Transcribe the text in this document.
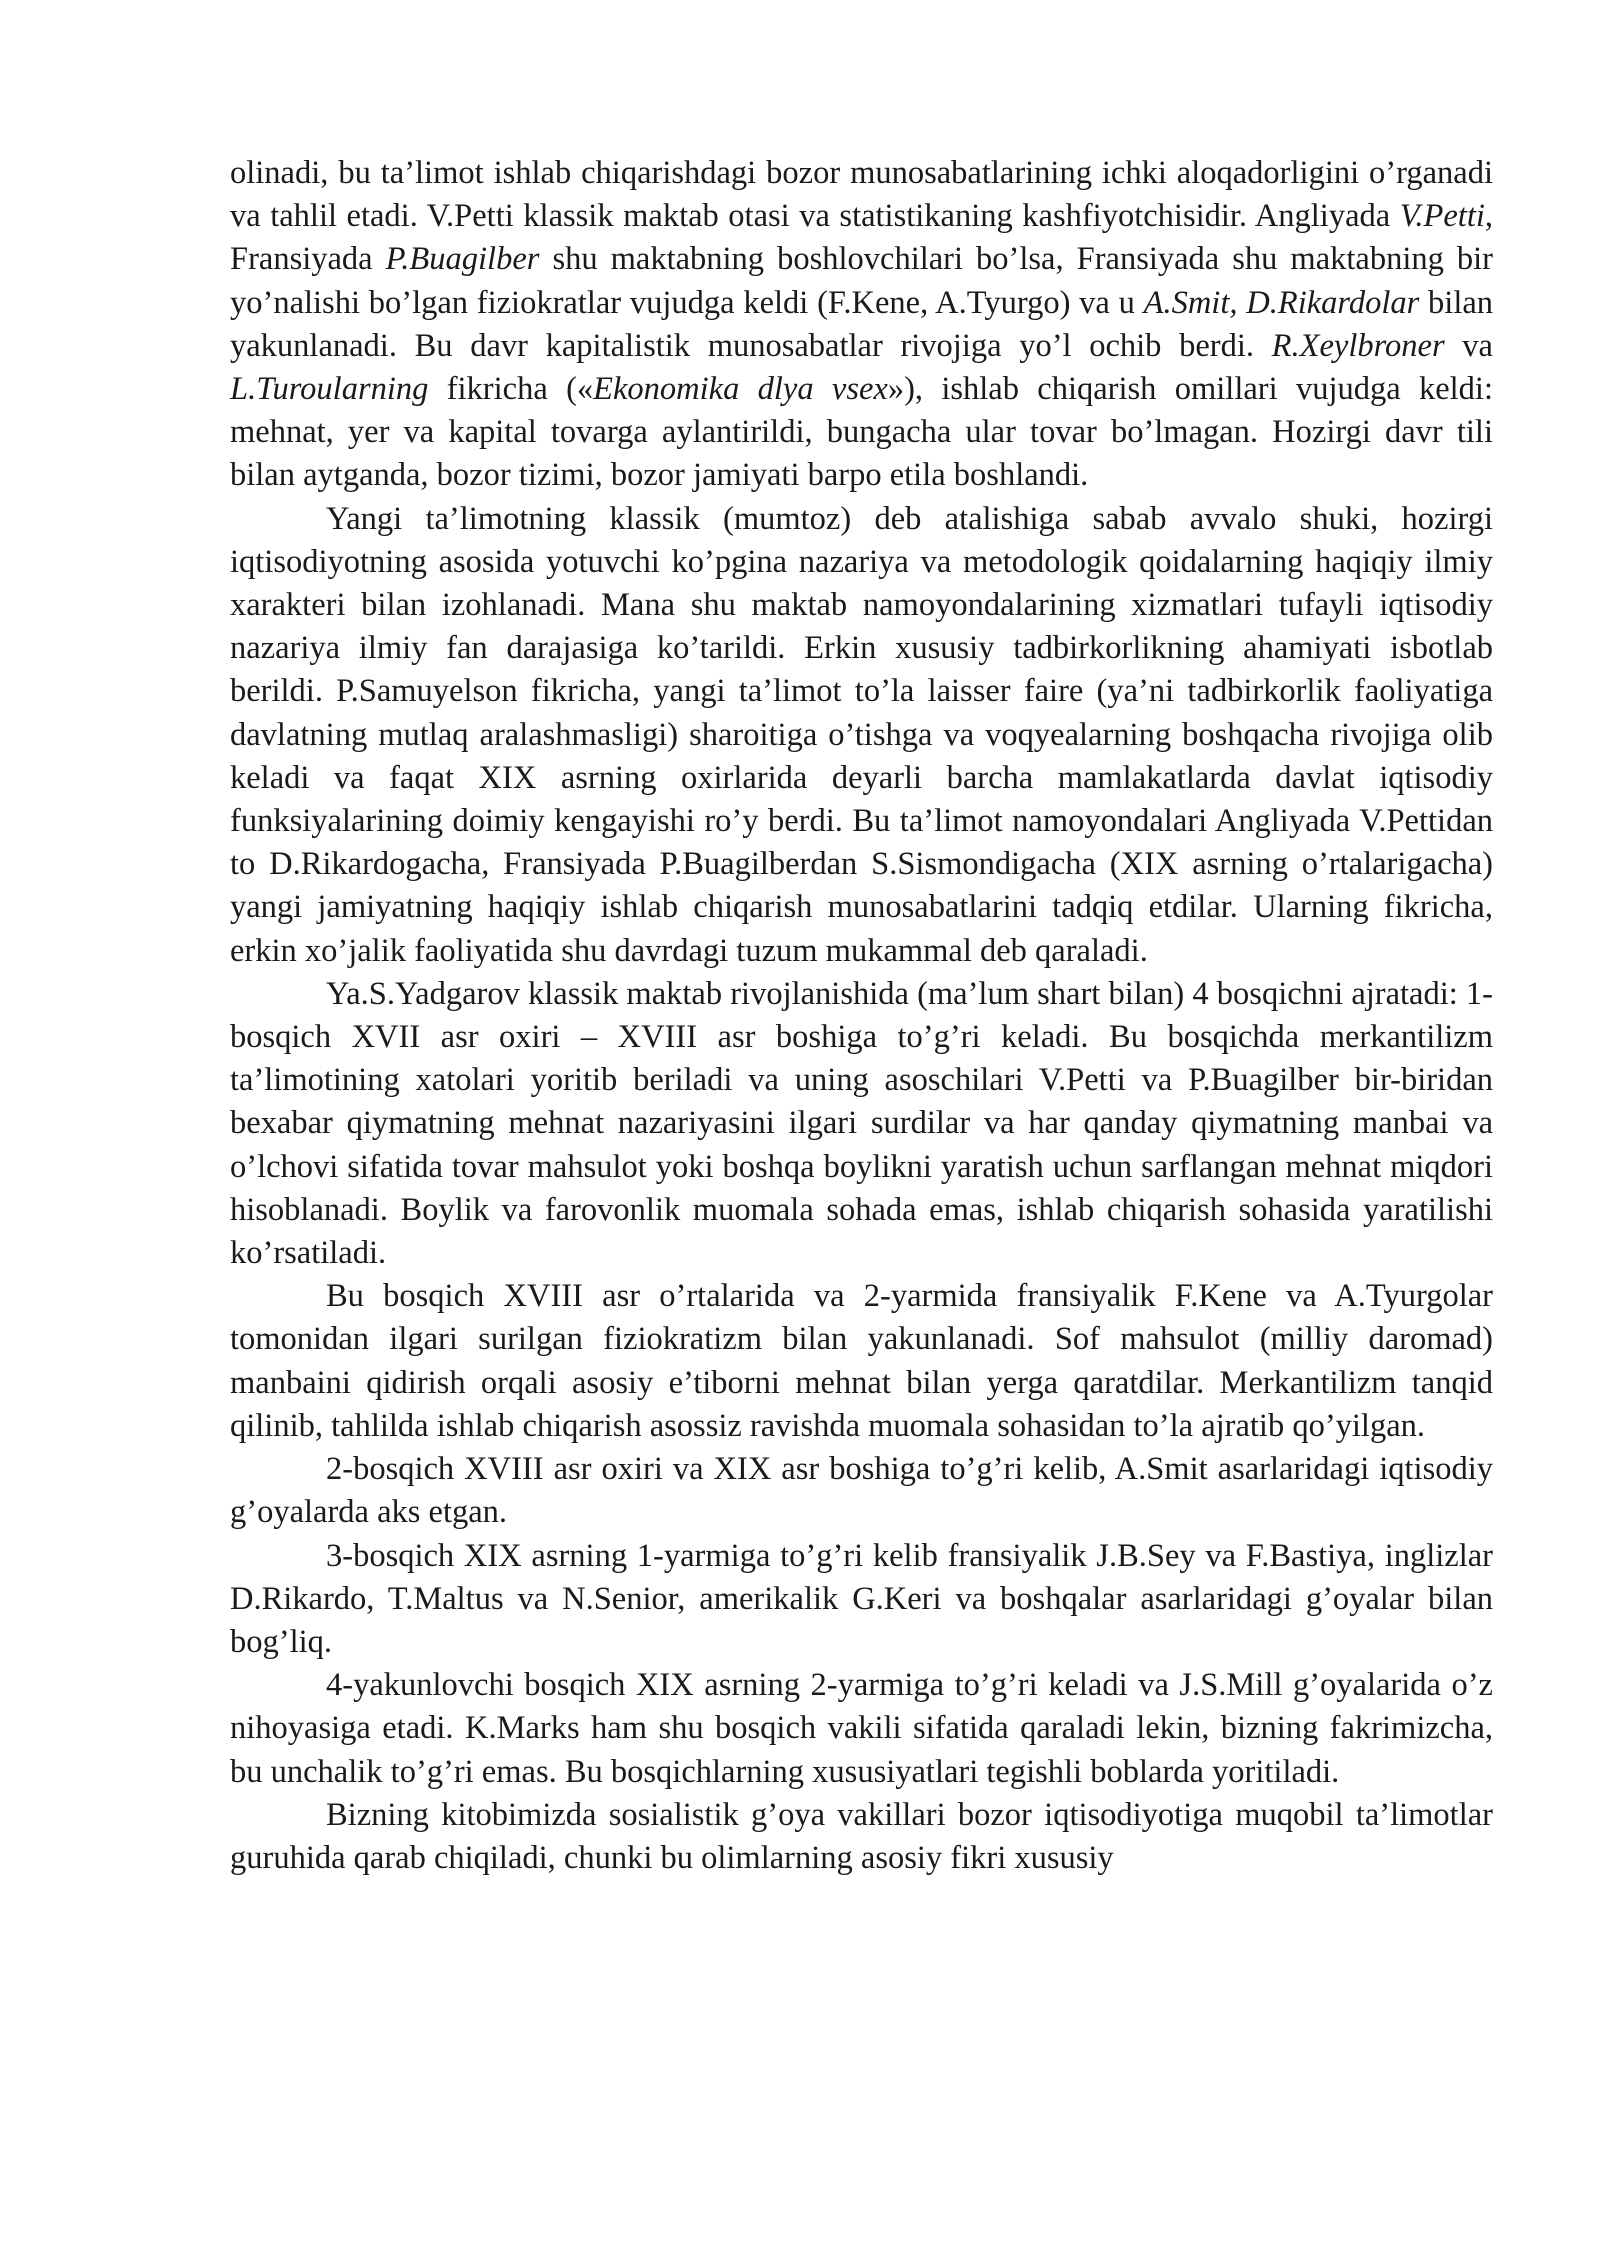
olinadi, bu ta’limot ishlab chiqarishdagi bozor munosabatlarining ichki aloqadorligini o’rganadi va tahlil etadi. V.Petti klassik maktab otasi va statistikaning kashfiyotchisidir. Angliyada V.Petti, Fransiyada P.Buagilber shu maktabning boshlovchilari bo’lsa, Fransiyada shu maktabning bir yo’nalishi bo’lgan fiziokratlar vujudga keldi (F.Kene, A.Tyurgo) va u A.Smit, D.Rikardolar bilan yakunlanadi. Bu davr kapitalistik munosabatlar rivojiga yo’l ochib berdi. R.Xeylbroner va L.Turoularning fikricha («Ekonomika dlya vsex»), ishlab chiqarish omillari vujudga keldi: mehnat, yer va kapital tovarga aylantirildi, bungacha ular tovar bo’lmagan. Hozirgi davr tili bilan aytganda, bozor tizimi, bozor jamiyati barpo etila boshlandi.

Yangi ta’limotning klassik (mumtoz) deb atalishiga sabab avvalo shuki, hozirgi iqtisodiyotning asosida yotuvchi ko’pgina nazariya va metodologik qoidalarning haqiqiy ilmiy xarakteri bilan izohlanadi. Mana shu maktab namoyondalarining xizmatlari tufayli iqtisodiy nazariya ilmiy fan darajasiga ko’tarildi. Erkin xususiy tadbirkorlikning ahamiyati isbotlab berildi. P.Samuyelson fikricha, yangi ta’limot to’la laisser faire (ya’ni tadbirkorlik faoliyatiga davlatning mutlaq aralashmasligi) sharoitiga o’tishga va voqyealarning boshqacha rivojiga olib keladi va faqat XIX asrning oxirlarida deyarli barcha mamlakatlarda davlat iqtisodiy funksiyalarining doimiy kengayishi ro’y berdi. Bu ta’limot namoyondalari Angliyada V.Pettidan to D.Rikardogacha, Fransiyada P.Buagilberdan S.Sismondigacha (XIX asrning o’rtalarigacha) yangi jamiyatning haqiqiy ishlab chiqarish munosabatlarini tadqiq etdilar. Ularning fikricha, erkin xo’jalik faoliyatida shu davrdagi tuzum mukammal deb qaraladi.

Ya.S.Yadgarov klassik maktab rivojlanishida (ma’lum shart bilan) 4 bosqichni ajratadi: 1-bosqich XVII asr oxiri – XVIII asr boshiga to’g’ri keladi. Bu bosqichda merkantilizm ta’limotining xatolari yoritib beriladi va uning asoschilari V.Petti va P.Buagilber bir-biridan bexabar qiymatning mehnat nazariyasini ilgari surdilar va har qanday qiymatning manbai va o’lchovi sifatida tovar mahsulot yoki boshqa boylikni yaratish uchun sarflangan mehnat miqdori hisoblanadi. Boylik va farovonlik muomala sohada emas, ishlab chiqarish sohasida yaratilishi ko’rsatiladi.

Bu bosqich XVIII asr o’rtalarida va 2-yarmida fransiyalik F.Kene va A.Tyurgolar tomonidan ilgari surilgan fiziokratizm bilan yakunlanadi. Sof mahsulot (milliy daromad) manbaini qidirish orqali asosiy e’tiborni mehnat bilan yerga qaratdilar. Merkantilizm tanqid qilinib, tahlilda ishlab chiqarish asossiz ravishda muomala sohasidan to’la ajratib qo’yilgan.

2-bosqich XVIII asr oxiri va XIX asr boshiga to’g’ri kelib, A.Smit asarlaridagi iqtisodiy g’oyalarda aks etgan.

3-bosqich XIX asrning 1-yarmiga to’g’ri kelib fransiyalik J.B.Sey va F.Bastiya, inglizlar D.Rikardo, T.Maltus va N.Senior, amerikalik G.Keri va boshqalar asarlaridagi g’oyalar bilan bog’liq.

4-yakunlovchi bosqich XIX asrning 2-yarmiga to’g’ri keladi va J.S.Mill g’oyalarida o’z nihoyasiga etadi. K.Marks ham shu bosqich vakili sifatida qaraladi lekin, bizning fakrimizcha, bu unchalik to’g’ri emas. Bu bosqichlarning xususiyatlari tegishli boblarda yoritiladi.

Bizning kitobimizda sosialistik g’oya vakillari bozor iqtisodiyotiga muqobil ta’limotlar guruhida qarab chiqiladi, chunki bu olimlarning asosiy fikri xususiy
